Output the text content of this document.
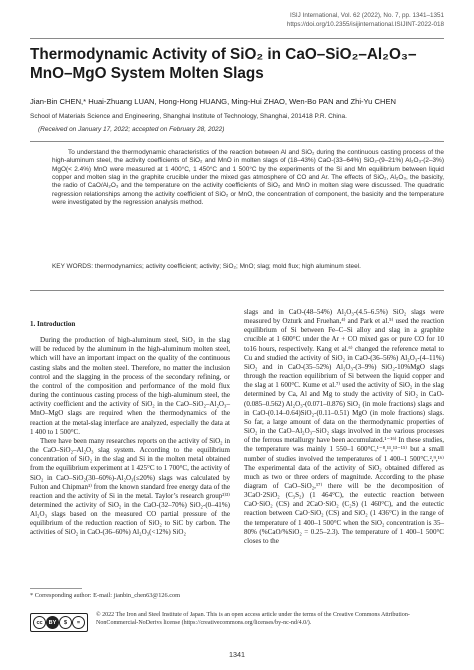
ISIJ International, Vol. 62 (2022), No. 7, pp. 1341–1351
https://doi.org/10.2355/isijinternational.ISIJINT-2022-018
Thermodynamic Activity of SiO₂ in CaO–SiO₂–Al₂O₃–MnO–MgO System Molten Slags
Jian-Bin CHEN,* Huai-Zhuang LUAN, Hong-Hong HUANG, Ming-Hui ZHAO, Wen-Bo PAN and Zhi-Yu CHEN
School of Materials Science and Engineering, Shanghai Institute of Technology, Shanghai, 201418 P.R. China.
(Received on January 17, 2022; accepted on February 28, 2022)

To understand the thermodynamic characteristics of the reaction between Al and SiO₂ during the continuous casting process of the high-aluminum steel, the activity coefficients of SiO₂ and MnO in molten slags of (18–43%) CaO-(33–64%) SiO₂-(9–21%) Al₂O₃-(2–3%) MgO(< 2.4%) MnO were measured at 1 400°C, 1 450°C and 1 500°C by the experiments of the Si and Mn equilibrium between liquid copper and molten slag in the graphite crucible under the mixed gas atmosphere of CO and Ar. The effects of SiO₂, Al₂O₃, the basicity, the radio of CaO/Al₂O₃ and the temperature on the activity coefficients of SiO₂ and MnO in molten slag were discussed. The quadratic regression relationships among the activity coefficient of SiO₂ or MnO, the concentration of component, the basicity and the temperature were investigated by the regression analysis method.

KEY WORDS: thermodynamics; activity coefficient; activity; SiO₂; MnO; slag; mold flux; high aluminum steel.

1. Introduction

During the production of high-aluminum steel, SiO₂ in the slag will be reduced by the aluminum in the high-aluminum molten steel, which will have an important impact on the quality of the continuous casting slabs and the molten steel. Therefore, no matter the inclusion control and the slagging in the process of the secondary refining, or the control of the composition and performance of the mold flux during the continuous casting process of the high-aluminum steel, the activity coefficient and the activity of SiO₂ in the CaO–SiO₂–Al₂O₃–MnO–MgO slags are required when the thermodynamics of the reaction at the metal-slag interface are analyzed, especially the data at 1 400 to 1 500°C.

There have been many researches reports on the activity of SiO₂ in the CaO–SiO₂–Al₂O₃ slag system. According to the equilibrium concentration of SiO₂ in the slag and Si in the molten metal obtained from the equilibrium experiment at 1 425°C to 1 700°C, the activity of SiO₂ in CaO–SiO₂(30–60%)-Al₂O₃(≤20%) slags was calculated by Fulton and Chipman¹⁾ from the known standard free energy data of the reaction and the activity of Si in the metal. Taylor’s research group²⁾³⁾ determined the activity of SiO₂ in the CaO-(32–70%) SiO₂-(0–41%) Al₂O₃ slags based on the measured CO partial pressure of the equilibrium of the reduction reaction of SiO₂ to SiC by carbon. The activities of SiO₂ in CaO-(36–60%) Al₂O₃(<12%) SiO₂

slags and in CaO-(48–54%) Al₂O₃-(4.5–6.5%) SiO₂ slags were measured by Ozturk and Fruehan,⁴⁾ and Park et al.⁵⁾ used the reaction equilibrium of Si between Fe–C–Si alloy and slag in a graphite crucible at 1 600°C under the Ar + CO mixed gas or pure CO for 10 to16 hours, respectively. Kang et al.⁶⁾ changed the reference metal to Cu and studied the activity of SiO₂ in CaO-(36–56%) Al₂O₃-(4–11%) SiO₂ and in CaO-(35–52%) Al₂O₃-(3–9%) SiO₂-10%MgO slags through the reaction equilibrium of Si between the liquid copper and the slag at 1 600°C. Kume et al.⁷⁾ used the activity of SiO₂ in the slag determined by Ca, Al and Mg to study the activity of SiO₂ in CaO-(0.085–0.562) Al₂O₃-(0.071–0.876) SiO₂ (in mole fractions) slags and in CaO-(0.14–0.64)SiO₂-(0.11–0.51) MgO (in mole fractions) slags. So far, a large amount of data on the thermodynamic properties of SiO₂ in the CaO–Al₂O₃–SiO₂ slags involved in the various processes of the ferrous metallurgy have been accumulated.¹⁻¹⁶⁾ In these studies, the temperature was mainly 1 550–1 600°C,¹⁻⁸,¹¹,¹³⁻¹⁵⁾ but a small number of studies involved the temperatures of 1 400–1 500°C.²,⁹,¹⁶⁾ The experimental data of the activity of SiO₂ obtained differed as much as two or three orders of magnitude. According to the phase diagram of CaO–SiO₂,¹⁷⁾ there will be the decomposition of 3CaO·2SiO₂ (C₃S₂) (1 464°C), the eutectic reaction between CaO·SiO₂ (CS) and 2CaO·SiO₂ (C₂S) (1 460°C), and the eutectic reaction between CaO·SiO₂ (CS) and SiO₂ (1 436°C) in the range of the temperature of 1 400–1 500°C when the SiO₂ concentration is 35–80% (%CaO/%SiO₂ = 0.25–2.3). The temperature of 1 400–1 500°C closes to the

* Corresponding author: E-mail: jianbin_chen63@126.com
cc	BY	$	=

© 2022 The Iron and Steel Institute of Japan. This is an open access article under the terms of the Creative Commons Attribution-NonCommercial-NoDerivs license (https://creativecommons.org/licenses/by-nc-nd/4.0/).

1341
